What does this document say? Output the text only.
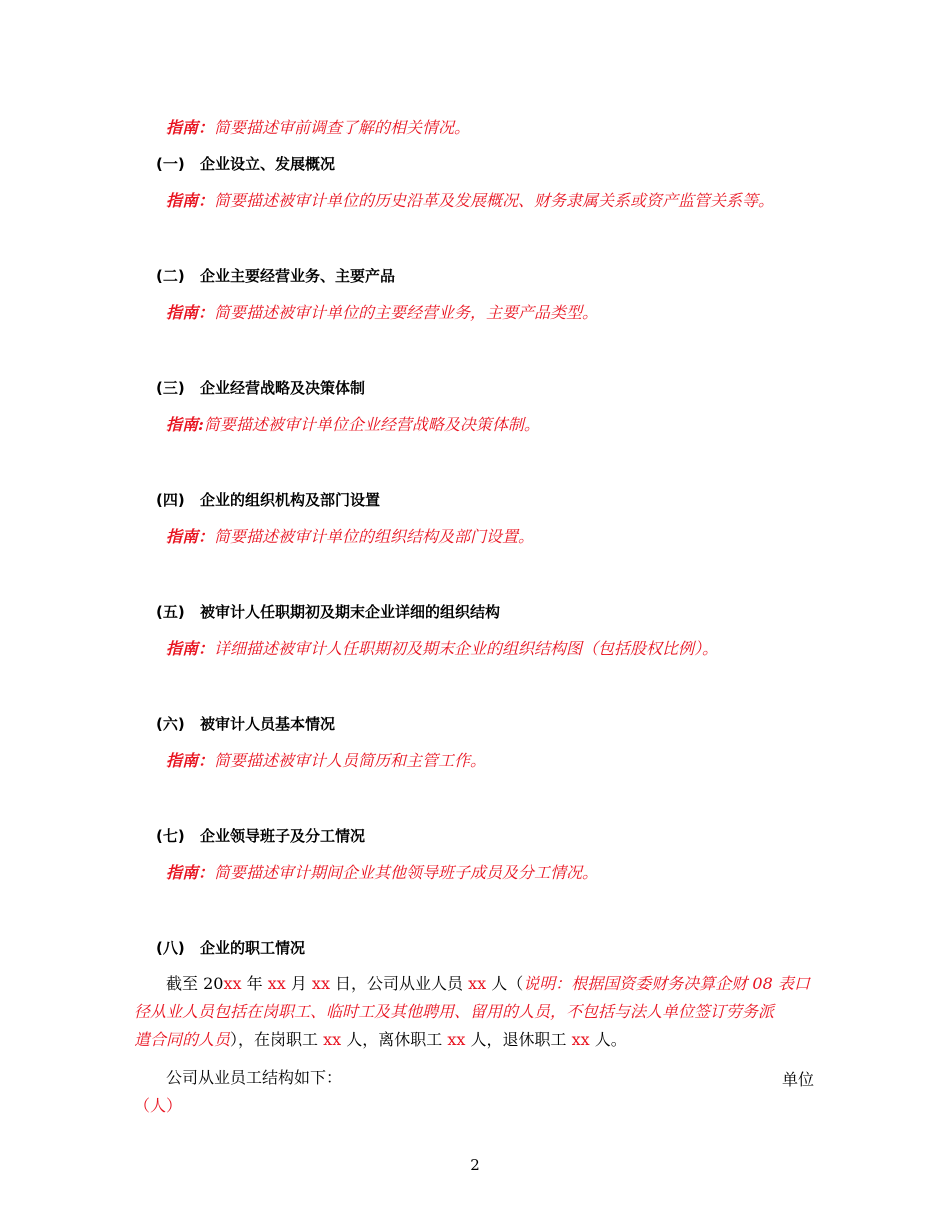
指南：简要描述审前调查了解的相关情况。
(一) 企业设立、发展概况
指南：简要描述被审计单位的历史沿革及发展概况、财务隶属关系或资产监管关系等。
(二) 企业主要经营业务、主要产品
指南：简要描述被审计单位的主要经营业务，主要产品类型。
(三) 企业经营战略及决策体制
指南:简要描述被审计单位企业经营战略及决策体制。
(四) 企业的组织机构及部门设置
指南：简要描述被审计单位的组织结构及部门设置。
(五) 被审计人任职期初及期末企业详细的组织结构
指南：详细描述被审计人任职期初及期末企业的组织结构图（包括股权比例）。
(六) 被审计人员基本情况
指南：简要描述被审计人员简历和主管工作。
(七) 企业领导班子及分工情况
指南：简要描述审计期间企业其他领导班子成员及分工情况。
(八) 企业的职工情况
截至 20xx 年 xx 月 xx 日，公司从业人员 xx 人（说明：根据国资委财务决算企财 08 表口
径从业人员包括在岗职工、临时工及其他聘用、留用的人员，不包括与法人单位签订劳务派
遣合同的人员），在岗职工 xx 人，离休职工 xx 人，退休职工 xx 人。
公司从业员工结构如下：	单位
（人）
2
